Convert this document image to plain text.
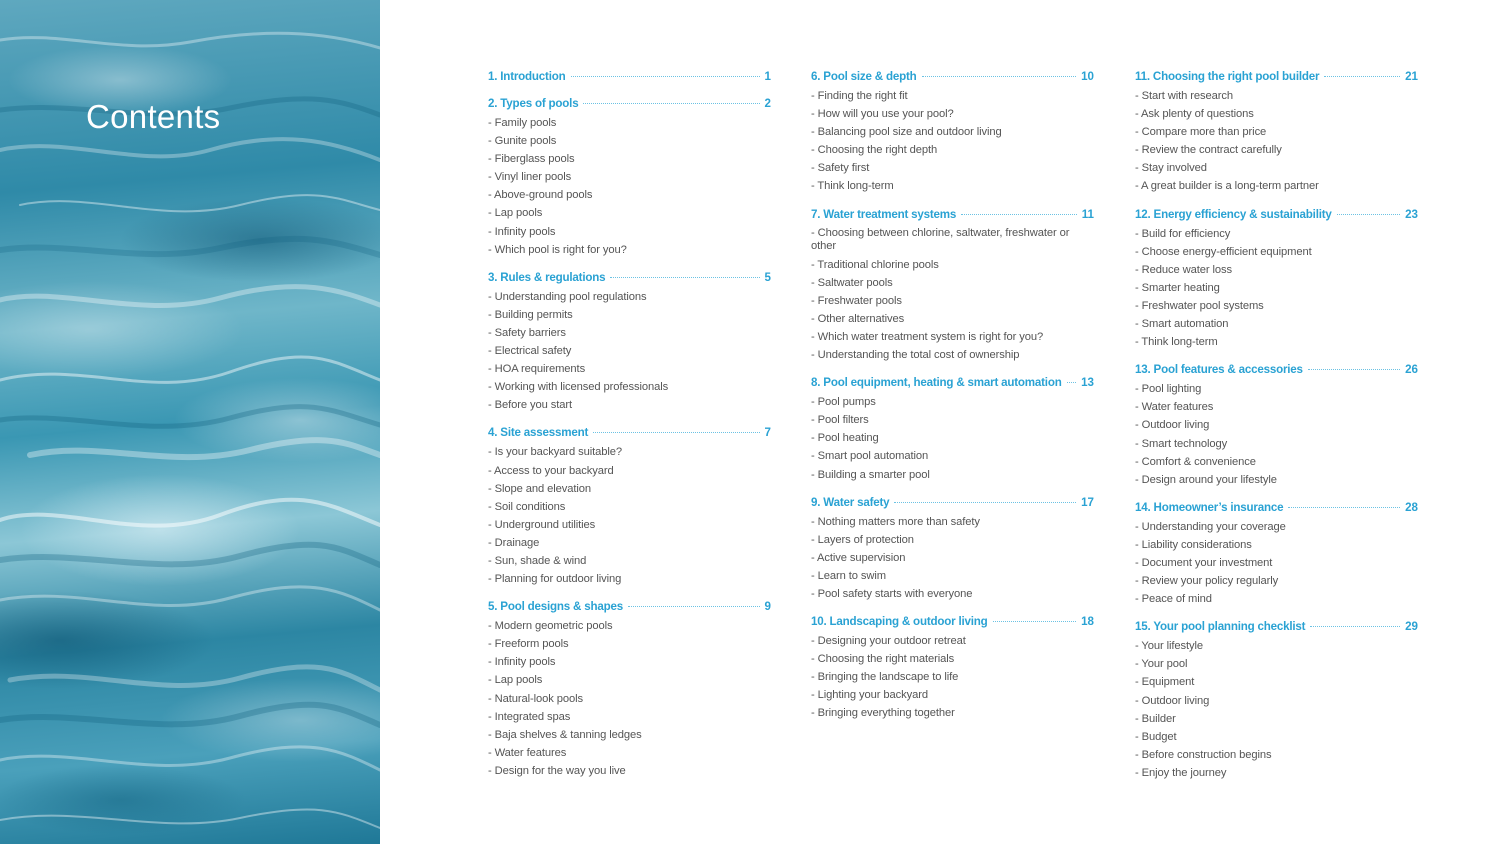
Contents
1. Introduction	1
2. Types of pools	2
- Family pools
- Gunite pools
- Fiberglass pools
- Vinyl liner pools
- Above-ground pools
- Lap pools
- Infinity pools
- Which pool is right for you?
3. Rules & regulations	5
- Understanding pool regulations
- Building permits
- Safety barriers
- Electrical safety
- HOA requirements
- Working with licensed professionals
- Before you start
4. Site assessment	7
- Is your backyard suitable?
- Access to your backyard
- Slope and elevation
- Soil conditions
- Underground utilities
- Drainage
- Sun, shade & wind
- Planning for outdoor living
5. Pool designs & shapes	9
- Modern geometric pools
- Freeform pools
- Infinity pools
- Lap pools
- Natural-look pools
- Integrated spas
- Baja shelves & tanning ledges
- Water features
- Design for the way you live
6. Pool size & depth	10
- Finding the right fit
- How will you use your pool?
- Balancing pool size and outdoor living
- Choosing the right depth
- Safety first
- Think long-term
7. Water treatment systems	11
- Choosing between chlorine, saltwater, freshwater or other
- Traditional chlorine pools
- Saltwater pools
- Freshwater pools
- Other alternatives
- Which water treatment system is right for you?
- Understanding the total cost of ownership
8. Pool equipment, heating & smart automation 13
- Pool pumps
- Pool filters
- Pool heating
- Smart pool automation
- Building a smarter pool
9. Water safety	17
- Nothing matters more than safety
- Layers of protection
- Active supervision
- Learn to swim
- Pool safety starts with everyone
10. Landscaping & outdoor living	18
- Designing your outdoor retreat
- Choosing the right materials
- Bringing the landscape to life
- Lighting your backyard
- Bringing everything together
11. Choosing the right pool builder	21
- Start with research
- Ask plenty of questions
- Compare more than price
- Review the contract carefully
- Stay involved
- A great builder is a long-term partner
12. Energy efficiency & sustainability	23
- Build for efficiency
- Choose energy-efficient equipment
- Reduce water loss
- Smarter heating
- Freshwater pool systems
- Smart automation
- Think long-term
13. Pool features & accessories	26
- Pool lighting
- Water features
- Outdoor living
- Smart technology
- Comfort & convenience
- Design around your lifestyle
14. Homeowner’s insurance	28
- Understanding your coverage
- Liability considerations
- Document your investment
- Review your policy regularly
- Peace of mind
15. Your pool planning checklist	29
- Your lifestyle
- Your pool
- Equipment
- Outdoor living
- Builder
- Budget
- Before construction begins
- Enjoy the journey
